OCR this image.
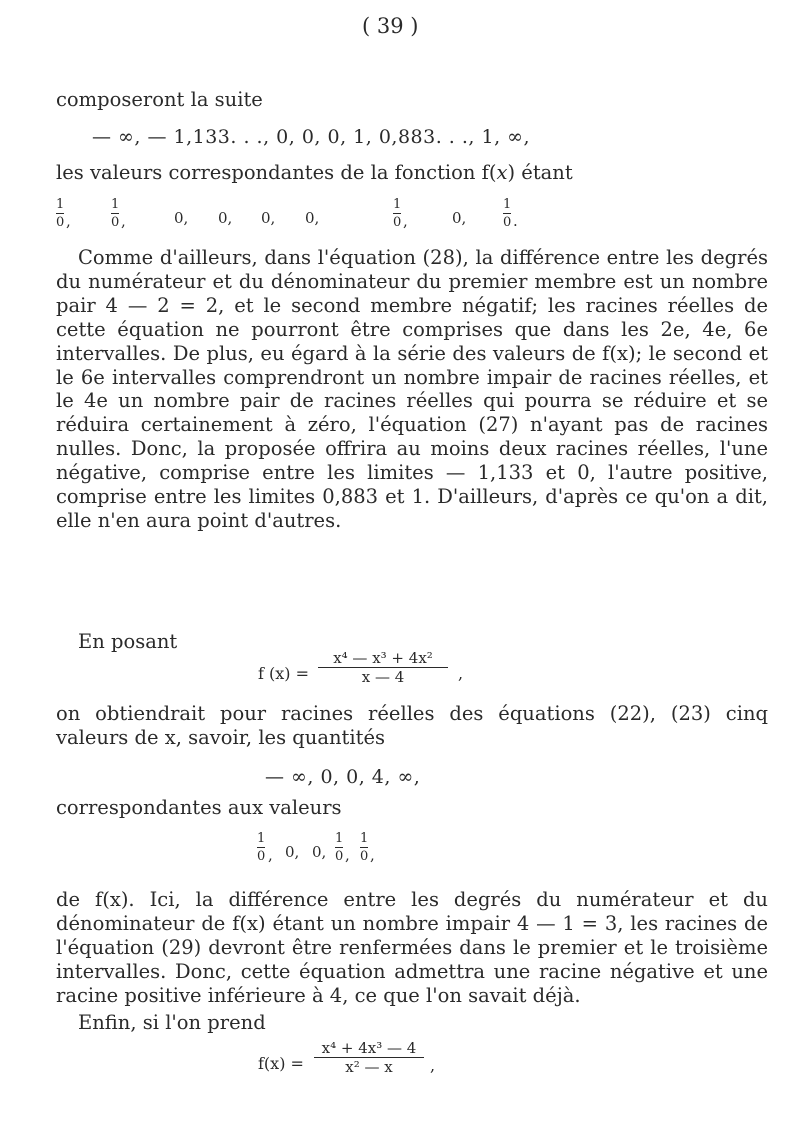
( 39 )
composeront la suite
— ∞, — 1,133. . ., 0, 0, 0, 1, 0,883. . ., 1, ∞,
les valeurs correspondantes de la fonction f(x) étant
1
0 ,
1
0 ,	0, 0, 0, 0,
1
0 ,	0,
1
0 .

Comme d'ailleurs, dans l'équation (28), la différence entre les degrés du numérateur et du dénominateur du premier membre est un nombre pair 4 — 2 = 2, et le second membre négatif; les racines réelles de cette équation ne pourront être comprises que dans les 2e, 4e, 6e intervalles. De plus, eu égard à la série des valeurs de f(x); le second et le 6e intervalles comprendront un nombre impair de racines réelles, et le 4e un nombre pair de racines réelles qui pourra se réduire et se réduira certainement à zéro, l'équation (27) n'ayant pas de racines nulles. Donc, la proposée offrira au moins deux racines réelles, l'une négative, comprise entre les limites — 1,133 et 0, l'autre positive, comprise entre les limites 0,883 et 1. D'ailleurs, d'après ce qu'on a dit, elle n'en aura point d'autres.

En posant
f (x) =
x⁴ — x³ + 4x²
x — 4	,

on obtiendrait pour racines réelles des équations (22), (23) cinq valeurs de x, savoir, les quantités

— ∞, 0, 0, 4, ∞,
correspondantes aux valeurs
1
0 , 0, 0,
1
0 ,
1
0 ,

de f(x). Ici, la différence entre les degrés du numérateur et du dénominateur de f(x) étant un nombre impair 4 — 1 = 3, les racines de l'équation (29) devront être renfermées dans le premier et le troisième intervalles. Donc, cette équation admettra une racine négative et une racine positive inférieure à 4, ce que l'on savait déjà.

Enfin, si l'on prend
f(x) =
x⁴ + 4x³ — 4
x² — x	,
